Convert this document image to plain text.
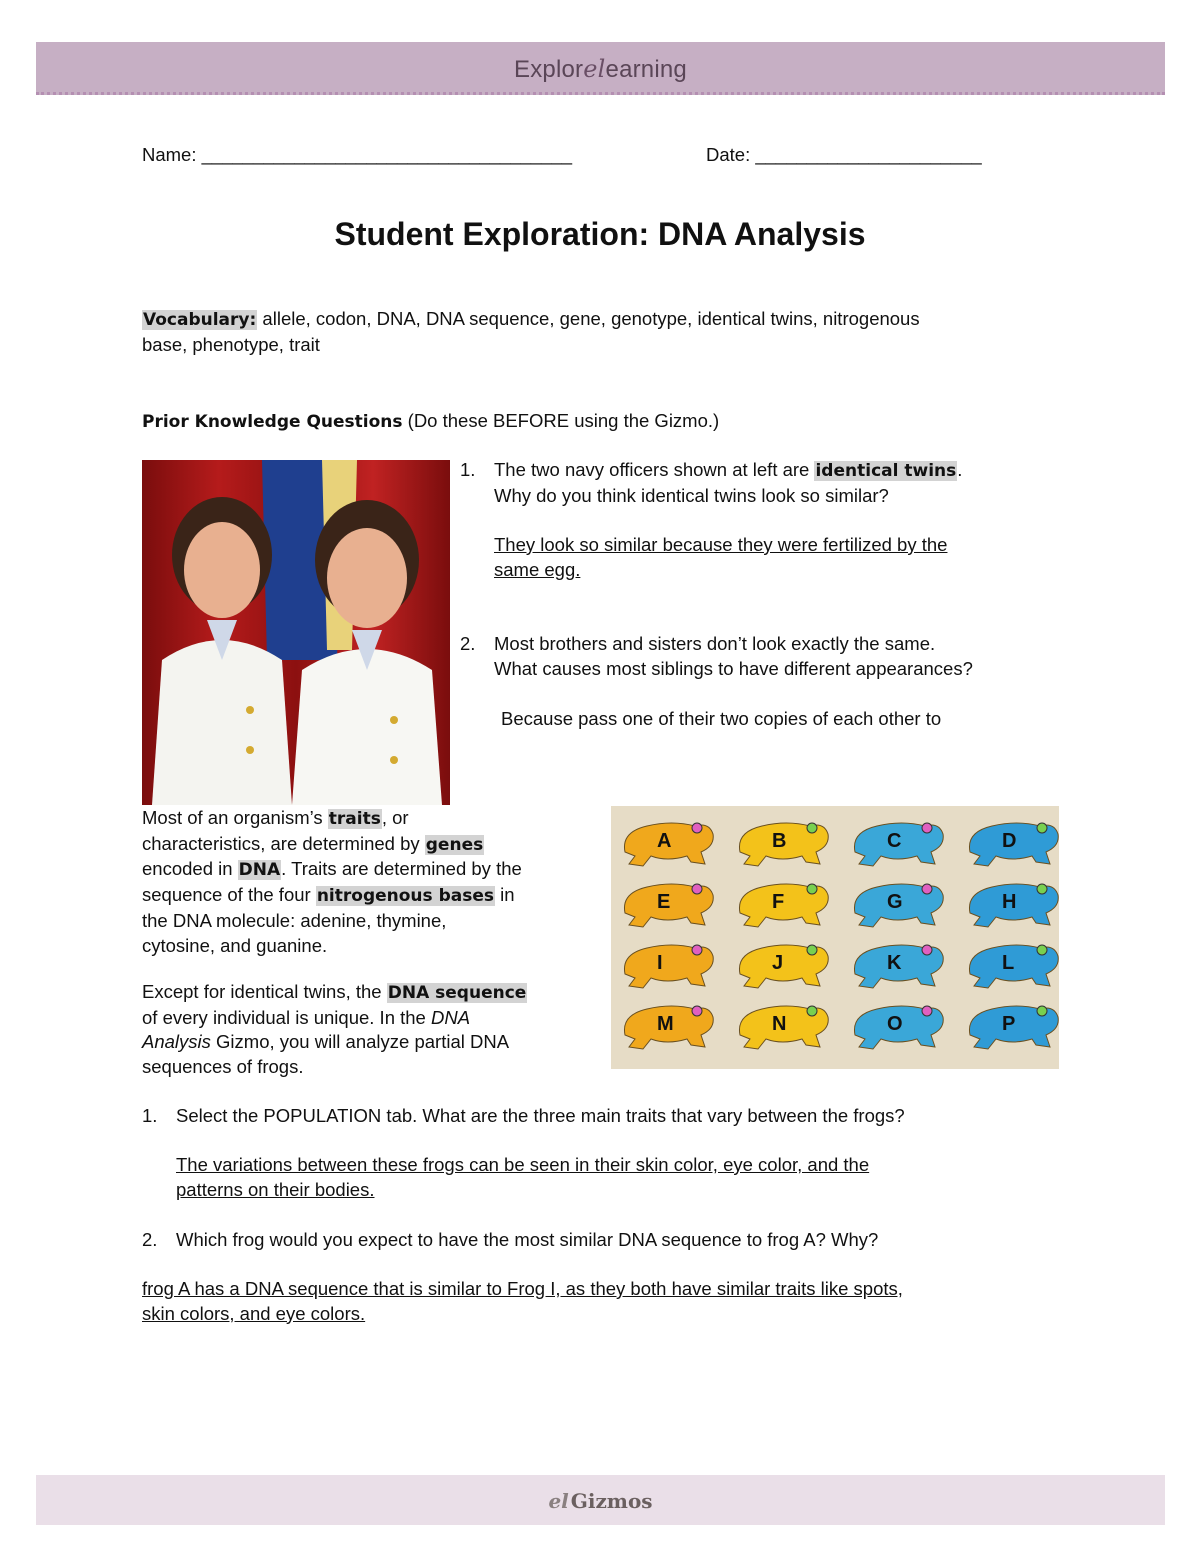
Explorelearning
Name: ____________________________________	Date: ______________________
Student Exploration: DNA Analysis
Vocabulary: allele, codon, DNA, DNA sequence, gene, genotype, identical twins, nitrogenous
base, phenotype, trait
Prior Knowledge Questions (Do these BEFORE using the Gizmo.)
1.	The two navy officers shown at left are identical twins.
Why do you think identical twins look so similar?
They look so similar because they were fertilized by the
same egg.
2.	Most brothers and sisters don’t look exactly the same.
What causes most siblings to have different appearances?
Because pass one of their two copies of each other to
Most of an organism’s traits, or
characteristics, are determined by genes
encoded in DNA. Traits are determined by the
sequence of the four nitrogenous bases in
the DNA molecule: adenine, thymine,
cytosine, and guanine.
Except for identical twins, the DNA sequence
of every individual is unique. In the DNA
Analysis Gizmo, you will analyze partial DNA
sequences of frogs.
A	B	C	D
E	F	G	H
I	J	K	L
M	N	O	P
1. Select the POPULATION tab. What are the three main traits that vary between the frogs?
The variations between these frogs can be seen in their skin color, eye color, and the
patterns on their bodies.
2. Which frog would you expect to have the most similar DNA sequence to frog A? Why?
frog A has a DNA sequence that is similar to Frog I, as they both have similar traits like spots,
skin colors, and eye colors.
el Gizmos
